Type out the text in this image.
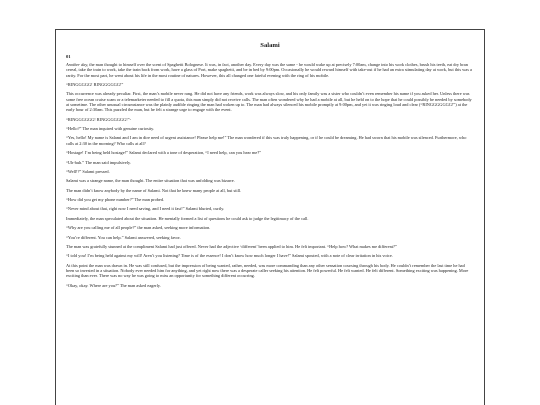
Salami
01

Another day, the man thought to himself over the scent of Spaghetti Bolognese. It was, in fact, another day. Every day was the same - he would wake up at precisely 7:00am, change into his work clothes, brush his teeth, eat dry bran cereal, take the train to work, take the train back from work, have a glass of Port, make spaghetti, and be in bed by 9:00pm. Occasionally he would reward himself with take-out if he had an extra stimulating day at work, but this was a rarity. For the most part, he went about his life in the most routine of natures. However, this all changed one fateful evening with the ring of his mobile.

“RINGGGGG! RINGGGGGG!”

This occurrence was already peculiar. First, the man’s mobile never rang. He did not have any friends, work was always slow, and his only family was a sister who couldn’t even remember his name if you asked her. Unless there was some free ocean cruise scam or a telemarketer needed to fill a quota, this man simply did not receive calls. The man often wondered why he had a mobile at all, but he held on to the hope that he could possibly be needed by somebody at sometime. The other unusual circumstance was the plainly audible ringing the man had woken up to. The man had always silenced his mobile promptly at 9:00pm, and yet it was ringing loud and clear (“RINGGGGGGG!”) at the early hour of 2:30am. This puzzled the man, but he felt a strange urge to engage with the event.

“RINGGGGGG! RINGGGGGGG!”-

“Hello?” The man inquired with genuine curiosity.

“Yes, hello! My name is Salami and I am in dire need of urgent assistance! Please help me!” The man wondered if this was truly happening, or if he could be dreaming. He had sworn that his mobile was silenced. Furthermore, who calls at 2:30 in the morning? Who calls at all?

“Hostage! I’m being held hostage!” Salami declared with a tone of desperation, “I need help, can you hear me?”

“Uh-huh.” The man said impulsively.

“Well!?” Salami pressed.

Salami was a strange name, the man thought. The entire situation that was unfolding was bizarre.

The man didn’t know anybody by the name of Salami. Not that he knew many people at all, but still.

“How did you get my phone number?” The man probed.

“Never mind about that, right now I need saving, and I need it fast!” Salami blurted, curtly.

Immediately, the man speculated about the situation. He mentally formed a list of questions he could ask to judge the legitimacy of the call.

“Why are you calling me of all people?” the man asked, seeking more information.

“You’re different. You can help.” Salami answered, seeking favor.

The man was gratefully stunned at the compliment Salami had just offered. Never had the adjective ‘different’ been applied to him. He felt important. “Help how? What makes me different?”

“I told you! I’m being held against my will! Aren’t you listening? Time is of the essence! I don’t know how much longer I have!” Salami spouted, with a note of clear irritation in his voice.

At this point the man was drawn in. He was still confused, but the impression of being wanted, rather, needed, was more commanding than any other sensation coursing through his body. He couldn’t remember the last time he had been so invested in a situation. Nobody ever needed him for anything, and yet right now there was a desperate caller seeking his attention. He felt powerful. He felt wanted. He felt different. Something exciting was happening. More exciting than ever. There was no way he was going to miss an opportunity for something different occurring.

“Okay, okay. Where are you?” The man asked eagerly.
